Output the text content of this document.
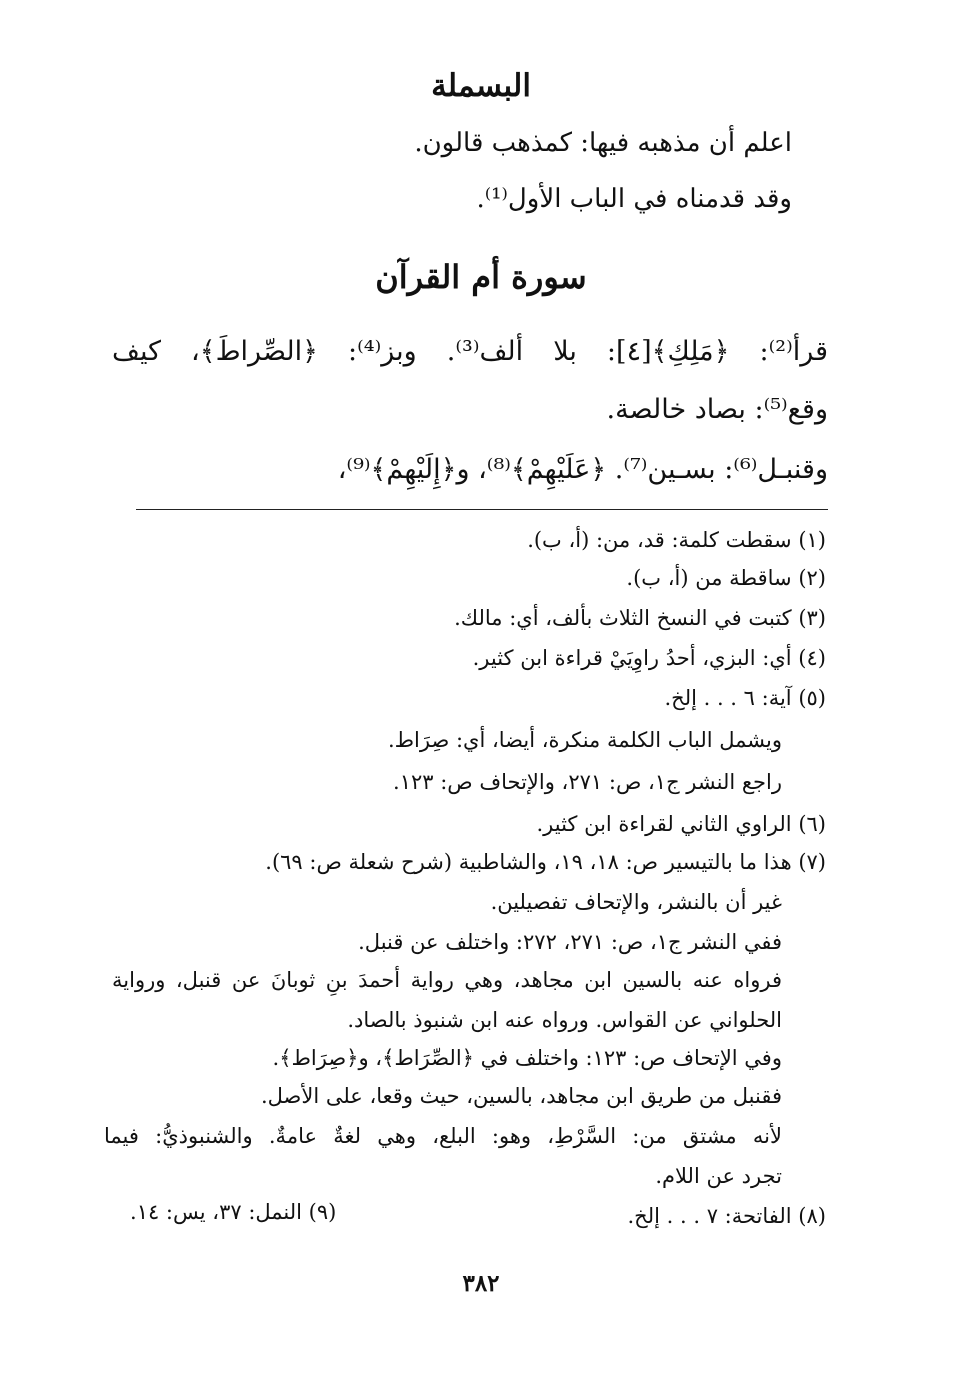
البسملة
اعلم أن مذهبه فيها: كمذهب قالون.
وقد قدمناه في الباب الأول⁽¹⁾.
سورة أم القرآن
قرأ⁽²⁾: ﴿مَلِكِ﴾[٤]: بلا ألف⁽³⁾. وبز⁽⁴⁾: ﴿الصِّراطَ﴾، كيف
وقع⁽⁵⁾: بصاد خالصة.
وقنبـل⁽⁶⁾: بسـين⁽⁷⁾. ﴿عَلَيْهِمْ﴾⁽⁸⁾، و﴿إِلَيْهِمْ﴾⁽⁹⁾،
(١) سقطت كلمة: قد، من: (أ، ب).
(٢) ساقطة من (أ، ب).
(٣) كتبت في النسخ الثلاث بألف، أي: مالك.
(٤) أي: البزي، أحدُ راوِيَيْ قراءة ابن كثير.
(٥) آية: ٦ . . . إلخ.
ويشمل الباب الكلمة منكرة، أيضا، أي: صِرَاط.
راجع النشر ج١، ص: ٢٧١، والإتحاف ص: ١٢٣.
(٦) الراوي الثاني لقراءة ابن كثير.
(٧) هذا ما بالتيسير ص: ١٨، ١٩، والشاطبية (شرح شعلة ص: ٦٩).
غير أن بالنشر، والإتحاف تفصيلين.
ففي النشر ج١، ص: ٢٧١، ٢٧٢: واختلف عن قنبل.
فرواه عنه بالسين ابن مجاهد، وهي رواية أحمدَ بنِ ثوبانَ عن قنبل، ورواية
الحلواني عن القواس. ورواه عنه ابن شنبوذ بالصاد.
وفي الإتحاف ص: ١٢٣: واختلف في ﴿الصِّرَاط﴾، و﴿صِرَاط﴾.
فقنبل من طريق ابن مجاهد، بالسين، حيث وقعا، على الأصل.
لأنه مشتق من: السَّرْطِ، وهو: البلع، وهي لغةٌ عامةٌ. والشنبوذيُّ: فيما
تجرد عن اللام.
(٨) الفاتحة: ٧ . . . إلخ.
(٩) النمل: ٣٧، يس: ١٤.
٣٨٢
